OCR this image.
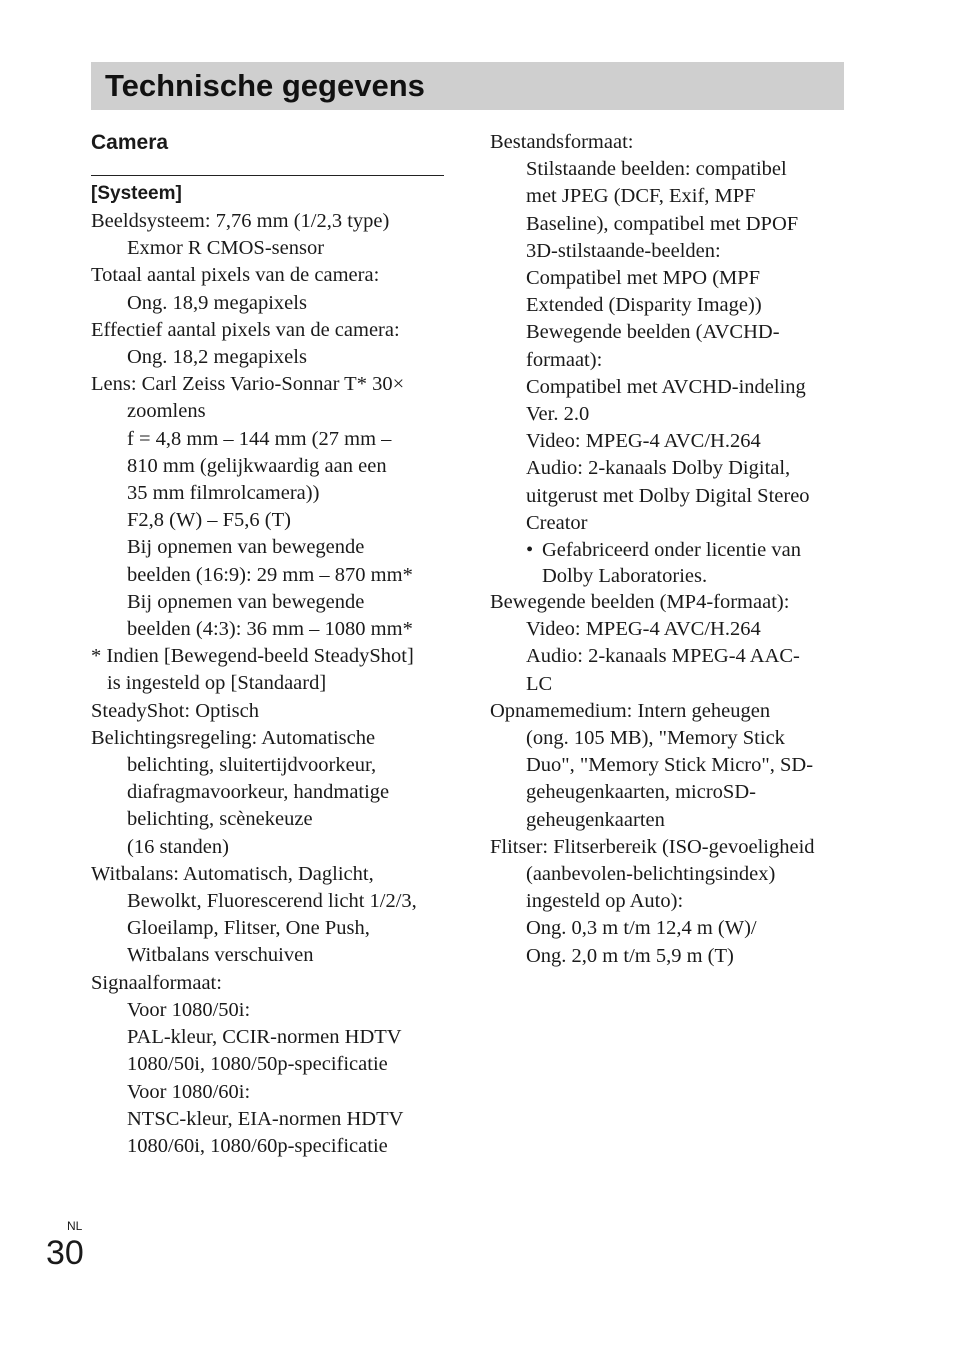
Technische gegevens
Camera
[Systeem]
Beeldsysteem: 7,76 mm (1/2,3 type)
Exmor R CMOS-sensor
Totaal aantal pixels van de camera:
Ong. 18,9 megapixels
Effectief aantal pixels van de camera:
Ong. 18,2 megapixels
Lens: Carl Zeiss Vario-Sonnar T* 30×
zoomlens
f = 4,8 mm – 144 mm (27 mm –
810 mm (gelijkwaardig aan een
35 mm filmrolcamera))
F2,8 (W) – F5,6 (T)
Bij opnemen van bewegende
beelden (16:9): 29 mm – 870 mm*
Bij opnemen van bewegende
beelden (4:3): 36 mm – 1080 mm*
* Indien [Bewegend-beeld SteadyShot]
is ingesteld op [Standaard]
SteadyShot: Optisch
Belichtingsregeling: Automatische
belichting, sluitertijdvoorkeur,
diafragmavoorkeur, handmatige
belichting, scènekeuze
(16 standen)
Witbalans: Automatisch, Daglicht,
Bewolkt, Fluorescerend licht 1/2/3,
Gloeilamp, Flitser, One Push,
Witbalans verschuiven
Signaalformaat:
Voor 1080/50i:
PAL-kleur, CCIR-normen HDTV
1080/50i, 1080/50p-specificatie
Voor 1080/60i:
NTSC-kleur, EIA-normen HDTV
1080/60i, 1080/60p-specificatie
Bestandsformaat:
Stilstaande beelden: compatibel
met JPEG (DCF, Exif, MPF
Baseline), compatibel met DPOF
3D-stilstaande-beelden:
Compatibel met MPO (MPF
Extended (Disparity Image))
Bewegende beelden (AVCHD-
formaat):
Compatibel met AVCHD-indeling
Ver. 2.0
Video: MPEG-4 AVC/H.264
Audio: 2-kanaals Dolby Digital,
uitgerust met Dolby Digital Stereo
Creator
• Gefabriceerd onder licentie van
Dolby Laboratories.
Bewegende beelden (MP4-formaat):
Video: MPEG-4 AVC/H.264
Audio: 2-kanaals MPEG-4 AAC-
LC
Opnamemedium: Intern geheugen
(ong. 105 MB), "Memory Stick
Duo", "Memory Stick Micro", SD-
geheugenkaarten, microSD-
geheugenkaarten
Flitser: Flitserbereik (ISO-gevoeligheid
(aanbevolen-belichtingsindex)
ingesteld op Auto):
Ong. 0,3 m t/m 12,4 m (W)/
Ong. 2,0 m t/m 5,9 m (T)
NL
30
